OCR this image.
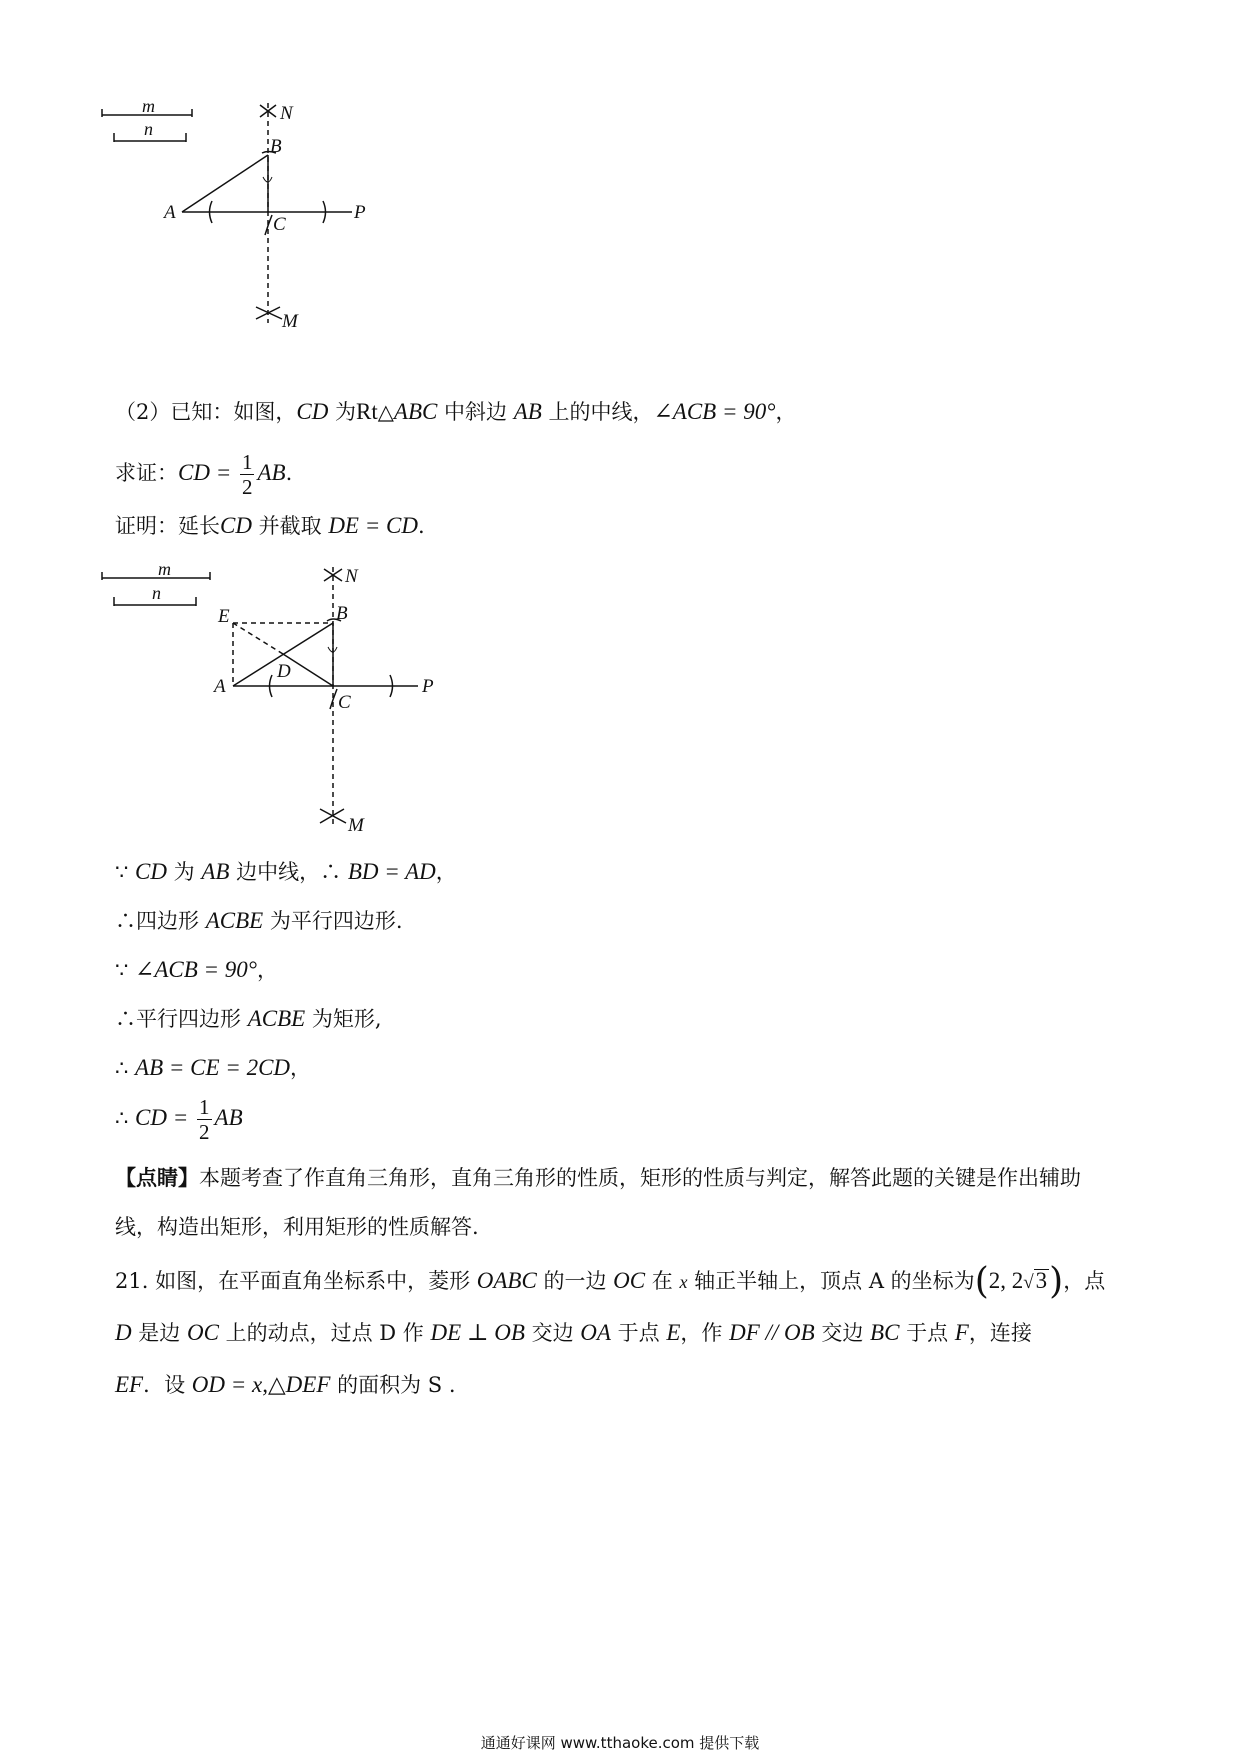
m
n
N
B
A
C
P
M
（2）已知：如图，CD 为Rt△ABC 中斜边 AB 上的中线，∠ACB = 90°，
求证：CD = $\frac{1}{2}$ AB.
证明：延长CD 并截取 DE = CD.
m
n
N
E	B
D
A
C
P
M
∵ CD 为 AB 边中线，∴ BD = AD，
∴四边形 ACBE 为平行四边形.
∵ ∠ACB = 90°，
∴平行四边形 ACBE 为矩形,
∴ AB = CE = 2CD，
∴ CD = $\frac{1}{2}$ AB
【点睛】本题考查了作直角三角形，直角三角形的性质，矩形的性质与判定，解答此题的关键是作出辅助
线，构造出矩形，利用矩形的性质解答.
21. 如图，在平面直角坐标系中，菱形 OABC 的一边 OC 在 x 轴正半轴上，顶点 A 的坐标为(2, 2√3)，点
D 是边 OC 上的动点，过点 D 作 DE ⊥ OB 交边 OA 于点 E，作 DF // OB 交边 BC 于点 F，连接
EF．设 OD = x,△DEF 的面积为 S .
通通好课网 www.tthaoke.com 提供下载
